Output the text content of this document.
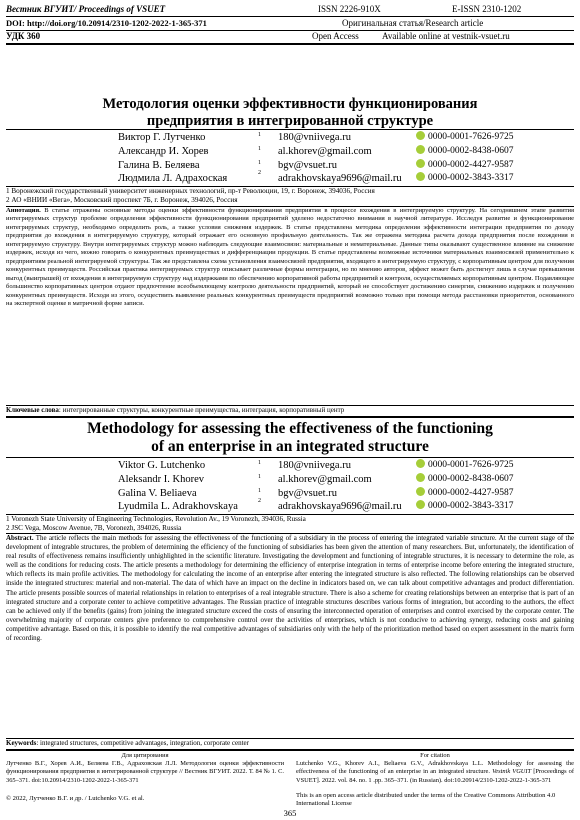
Вестник ВГУИТ/ Proceedings of VSUET	ISSN 2226-910X	E-ISSN 2310-1202
DOI: http://doi.org/10.20914/2310-1202-2022-1-365-371	Оригинальная статья/Research article
УДК 360	Open Access	Available online at vestnik-vsuet.ru
Методология оценки эффективности функционирования
предприятия в интегрированной структуре
Виктор Г. Лутченко	1 180@vniivega.ru	0000-0001-7626-9725
Александр И. Хорев	1 al.khorev@gmail.com	0000-0002-8438-0607
Галина В. Беляева	1 bgv@vsuet.ru	0000-0002-4427-9587
Людмила Л. Адрахоская	2 adrakhovskaya9696@mail.ru	0000-0002-3843-3317
1 Воронежский государственный университет инженерных технологий, пр-т Революции, 19, г. Воронеж, 394036, Россия
2 АО «ВНИИ «Вега», Московский проспект 7Б, г. Воронеж, 394026, Россия
Аннотация. В статье отражены основные методы оценки эффективности функционирования предприятия в процессе вхождения в интегрируемую структуру. На сегодняшнем этапе развития интегрируемых структур проблеме определения эффективности функционирования предприятий уделено недостаточно внимания в научной литературе. Исследуя развитие и функционирование интегрируемых структур, необходимо определить роль, а также условия снижения издержек. В статье представлена методика определения эффективности интеграции предприятия по доходу предприятия до вхождения в интегрируемую структуру, который отражает его основную профильную деятельность. Так же отражена методика расчета дохода предприятия после вхождения в интегрируемую структуру. Внутри интегрируемых структур можно наблюдать следующие взаимосвязи: материальные и нематериальные. Данные типы оказывают существенное влияние на снижение издержек, исходя из чего, можно говорить о конкурентных преимуществах и дифференциации продукции. В статье представлены возможные источники материальных взаимосвязей применительно к предприятиям реальной интегрируемой структуры. Так же представлена схема установления взаимосвязей предприятия, входящего в интегрируемую структуру, с корпоративным центром для получения конкурентных преимуществ. Российская практика интегрируемых структур описывает различные формы интеграции, но по мнению авторов, эффект может быть достигнут лишь в случае превышения выгод (выигрышей) от вхождения в интегрируемую структуру над издержками по обеспечению корпоративной работы предприятий и контроля, осуществляемых корпоративным центром. Подавляющее большинство корпоративных центров отдают предпочтение всеобъемлющему контролю деятельности предприятий, который не способствует достижению синергии, снижению издержек и получению конкурентных преимуществ. Исходя из этого, осуществить выявление реальных конкурентных преимуществ предприятий возможно только при помощи метода расстановки приоритетов, основанного на экспертной оценке в матричной форме записи.
Ключевые слова: интегрированные структуры, конкурентные преимущества, интеграция, корпоративный центр
Methodology for assessing the effectiveness of the functioning
of an enterprise in an integrated structure
Viktor G. Lutchenko	1 180@vniivega.ru	0000-0001-7626-9725
Aleksandr I. Khorev	1 al.khorev@gmail.com	0000-0002-8438-0607
Galina V. Beliaeva	1 bgv@vsuet.ru	0000-0002-4427-9587
Lyudmila L. Adrakhovskaya	2 adrakhovskaya9696@mail.ru	0000-0002-3843-3317
1 Voronezh State University of Engineering Technologies, Revolution Av., 19 Voronezh, 394036, Russia
2 JSC Vega, Moscow Avenue, 7B, Voronezh, 394026, Russia
Abstract. The article reflects the main methods for assessing the effectiveness of the functioning of a subsidiary in the process of entering the integrated variable structure. At the current stage of the development of integrable structures, the problem of determining the efficiency of the functioning of subsidiaries has been given the attention of many researchers. But, unfortunately, the identification of real results of effectiveness remains insufficiently unhighlighted in the scientific literature. Investigating the development and functioning of integrable structures, it is necessary to determine the role, as well as the conditions for reducing costs. The article presents a methodology for determining the efficiency of enterprise integration in terms of enterprise income before entering the integrated structure, which reflects its main profile activities. The methodology for calculating the income of an enterprise after entering the integrated structure is also reflected. The following relationships can be observed inside the integrated structures: material and non-material. The data of which have an impact on the decline in indicators based on, we can talk about competitive advantages and product differentiation. The article presents possible sources of material relationships in relation to enterprises of a real integrable structure. There is also a scheme for creating relationships between an enterprise that is part of an integrated structure and a corporate center to achieve competitive advantages. The Russian practice of integrable structures describes various forms of integration, but according to the authors, the effect can be achieved only if the benefits (gains) from joining the integrated structure exceed the costs of ensuring the interconnected operation of enterprises and control exercised by the corporate center. The overwhelming majority of corporate centers give preference to comprehensive control over the activities of enterprises, which is not conducive to achieving synergy, reducing costs and gaining competitive advantage. Based on this, it is possible to identify the real competitive advantages of subsidiaries only with the help of the prioritization method based on expert assessment in the matrix form of recording.
Keywords: integrated structures, competitive advantages, integration, corporate center
Для цитирования
Лутченко В.Г., Хорев А.И., Беляева Г.В., Адраховская Л.Л. Методология оценки эффективности функционирования предприятия в интегрированной структуре // Вестник ВГУИТ. 2022. Т. 84 № 1. С. 365–371. doi:10.20914/2310-1202-2022-1-365-371
For citation
Lutchenko V.G., Khorev A.I., Beliaeva G.V., Adrakhovskaya L.L. Methodology for assessing the effectiveness of the functioning of an enterprise in an integrated structure. Vestnik VGUIT [Proceedings of VSUET]. 2022. vol. 84. no. 1 .pp. 365–371. (in Russian). doi:10.20914/2310-1202-2022-1-365-371
© 2022, Лутченко В.Г. и др. / Lutchenko V.G. et al.	This is an open access article distributed under the terms of the Creative Commons Attribution 4.0 International License
365
